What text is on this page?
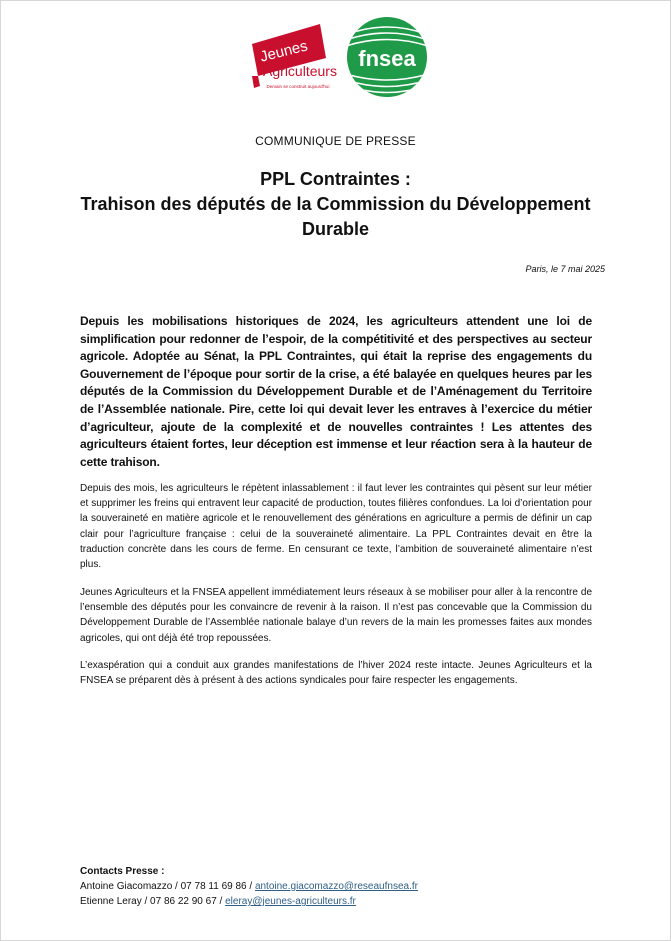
Jeunes
Agriculteurs
Demain se construit aujourd'hui
fnsea
COMMUNIQUE DE PRESSE
PPL Contraintes :
Trahison des députés de la Commission du Développement
Durable
Paris, le 7 mai 2025
Depuis les mobilisations historiques de 2024, les agriculteurs attendent une loi de simplification pour redonner de l’espoir, de la compétitivité et des perspectives au secteur agricole. Adoptée au Sénat, la PPL Contraintes, qui était la reprise des engagements du Gouvernement de l’époque pour sortir de la crise, a été balayée en quelques heures par les députés de la Commission du Développement Durable et de l’Aménagement du Territoire de l’Assemblée nationale. Pire, cette loi qui devait lever les entraves à l’exercice du métier d’agriculteur, ajoute de la complexité et de nouvelles contraintes ! Les attentes des agriculteurs étaient fortes, leur déception est immense et leur réaction sera à la hauteur de cette trahison.
Depuis des mois, les agriculteurs le répètent inlassablement : il faut lever les contraintes qui pèsent sur leur métier et supprimer les freins qui entravent leur capacité de production, toutes filières confondues. La loi d’orientation pour la souveraineté en matière agricole et le renouvellement des générations en agriculture a permis de définir un cap clair pour l’agriculture française : celui de la souveraineté alimentaire. La PPL Contraintes devait en être la traduction concrète dans les cours de ferme. En censurant ce texte, l’ambition de souveraineté alimentaire n’est plus.
Jeunes Agriculteurs et la FNSEA appellent immédiatement leurs réseaux à se mobiliser pour aller à la rencontre de l’ensemble des députés pour les convaincre de revenir à la raison. Il n’est pas concevable que la Commission du Développement Durable de l’Assemblée nationale balaye d’un revers de la main les promesses faites aux mondes agricoles, qui ont déjà été trop repoussées.
L’exaspération qui a conduit aux grandes manifestations de l’hiver 2024 reste intacte. Jeunes Agriculteurs et la FNSEA se préparent dès à présent à des actions syndicales pour faire respecter les engagements.
Contacts Presse :
Antoine Giacomazzo / 07 78 11 69 86 / antoine.giacomazzo@reseaufnsea.fr
Etienne Leray / 07 86 22 90 67 / eleray@jeunes-agriculteurs.fr
